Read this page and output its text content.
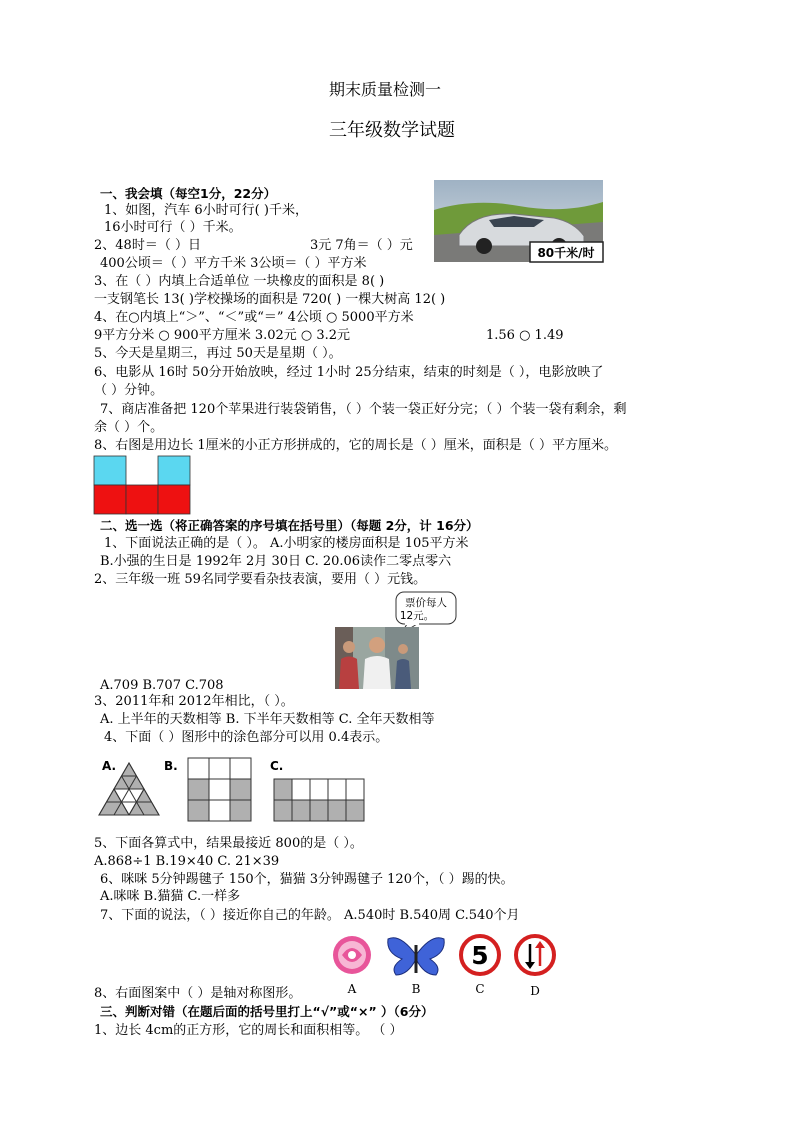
期末质量检测一
三年级数学试题
一、我会填（每空1分，22分）
80千米/时
1、如图，汽车 6小时可行( )千米，
16小时可行（ ）千米。
2、48时＝（ ）日	3元 7角＝（ ）元
400公顷＝（ ）平方千米 3公顷＝（ ）平方米
3、在（ ）内填上合适单位 一块橡皮的面积是 8( )
一支钢笔长 13( )学校操场的面积是 720( ) 一棵大树高 12( )
4、在○内填上“＞”、“＜”或“＝” 4公顷 ○ 5000平方米
9平方分米 ○ 900平方厘米 3.02元 ○ 3.2元	1.56 ○ 1.49
5、今天是星期三，再过 50天是星期（ ）。
6、电影从 16时 50分开始放映，经过 1小时 25分结束，结束的时刻是（ ），电影放映了
（ ）分钟。
7、商店准备把 120个苹果进行装袋销售，（ ）个装一袋正好分完；（ ）个装一袋有剩余，剩
余（ ）个。
8、右图是用边长 1厘米的小正方形拼成的，它的周长是（ ）厘米，面积是（ ）平方厘米。
二、选一选（将正确答案的序号填在括号里）（每题 2分，计 16分）
1、下面说法正确的是（ ）。 A.小明家的楼房面积是 105平方米
B.小强的生日是 1992年 2月 30日 C. 20.06读作二零点零六
2、三年级一班 59名同学要看杂技表演，要用（ ）元钱。
票价每人
12元。
A.709 B.707 C.708
3、2011年和 2012年相比，（ ）。
A. 上半年的天数相等 B. 下半年天数相等 C. 全年天数相等
4、下面（ ）图形中的涂色部分可以用 0.4表示。
A.	B.	C.
5、下面各算式中，结果最接近 800的是（ ）。
A.868÷1 B.19×40 C. 21×39
6、咪咪 5分钟踢毽子 150个，猫猫 3分钟踢毽子 120个，（ ）踢的快。
A.咪咪 B.猫猫 C.一样多
7、下面的说法，（ ）接近你自己的年龄。 A.540时 B.540周 C.540个月
5
A	B	C	D
8、右面图案中（ ）是轴对称图形。
三、判断对错（在题后面的括号里打上“√”或“×” ）（6分）
1、边长 4cm的正方形，它的周长和面积相等。 （ ）
